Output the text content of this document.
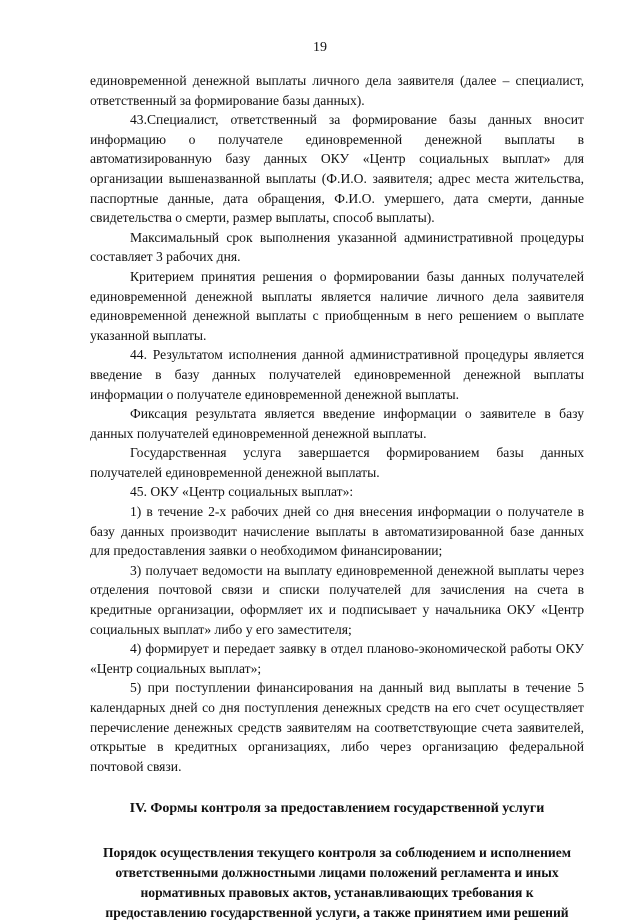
19

единовременной денежной выплаты личного дела заявителя (далее – специалист, ответственный за формирование базы данных).

43.Специалист, ответственный за формирование базы данных вносит информацию о получателе единовременной денежной выплаты в автоматизированную базу данных ОКУ «Центр социальных выплат» для организации вышеназванной выплаты (Ф.И.О. заявителя; адрес места жительства, паспортные данные, дата обращения, Ф.И.О. умершего, дата смерти, данные свидетельства о смерти, размер выплаты, способ выплаты).

Максимальный срок выполнения указанной административной процедуры составляет 3 рабочих дня.

Критерием принятия решения о формировании базы данных получателей единовременной денежной выплаты является наличие личного дела заявителя единовременной денежной выплаты с приобщенным в него решением о выплате указанной выплаты.

44. Результатом исполнения данной административной процедуры является введение в базу данных получателей единовременной денежной выплаты информации о получателе единовременной денежной выплаты.

Фиксация результата является введение информации о заявителе в базу данных получателей единовременной денежной выплаты.

Государственная услуга завершается формированием базы данных получателей единовременной денежной выплаты.

45. ОКУ «Центр социальных выплат»:

1) в течение 2-х рабочих дней со дня внесения информации о получателе в базу данных производит начисление выплаты в автоматизированной базе данных для предоставления заявки о необходимом финансировании;

3) получает ведомости на выплату единовременной денежной выплаты через отделения почтовой связи и списки получателей для зачисления на счета в кредитные организации, оформляет их и подписывает у начальника ОКУ «Центр социальных выплат» либо у его заместителя;

4) формирует и передает заявку в отдел планово-экономической работы ОКУ «Центр социальных выплат»;

5) при поступлении финансирования на данный вид выплаты в течение 5 календарных дней со дня поступления денежных средств на его счет осуществляет перечисление денежных средств заявителям на соответствующие счета заявителей, открытые в кредитных организациях, либо через организацию федеральной почтовой связи.

IV. Формы контроля за предоставлением государственной услуги

Порядок осуществления текущего контроля за соблюдением и исполнением ответственными должностными лицами положений регламента и иных нормативных правовых актов, устанавливающих требования к предоставлению государственной услуги, а также принятием ими решений
